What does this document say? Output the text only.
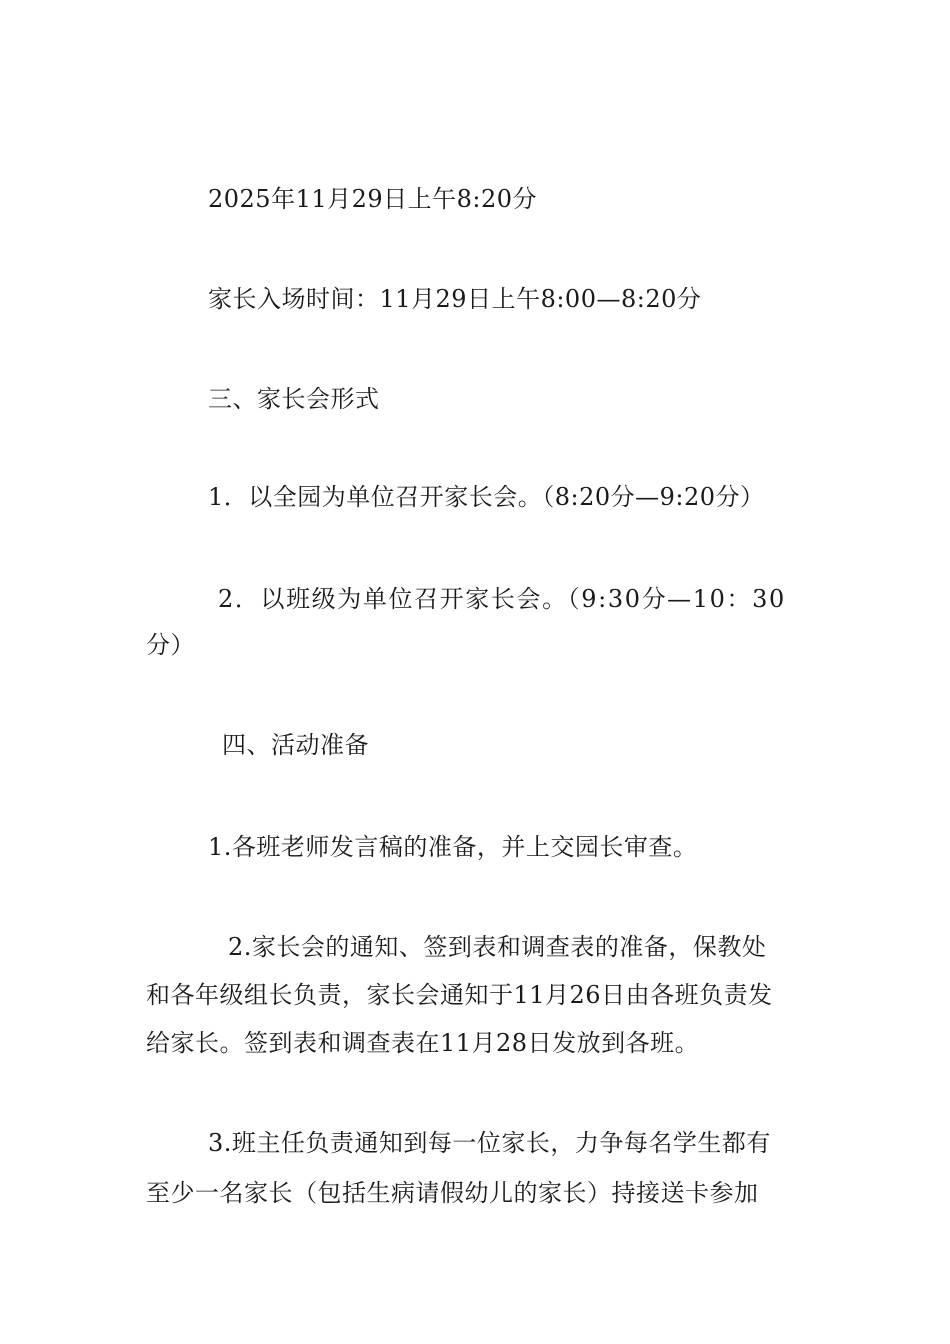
2025年11月29日上午8:20分
家长入场时间：11月29日上午8:00—8:20分
三、家长会形式
1．以全园为单位召开家长会。（8:20分—9:20分）
2．以班级为单位召开家长会。（9:30分—10：30
分）
四、活动准备
1.各班老师发言稿的准备，并上交园长审查。
2.家长会的通知、签到表和调查表的准备，保教处
和各年级组长负责，家长会通知于11月26日由各班负责发
给家长。签到表和调查表在11月28日发放到各班。
3.班主任负责通知到每一位家长，力争每名学生都有
至少一名家长（包括生病请假幼儿的家长）持接送卡参加
